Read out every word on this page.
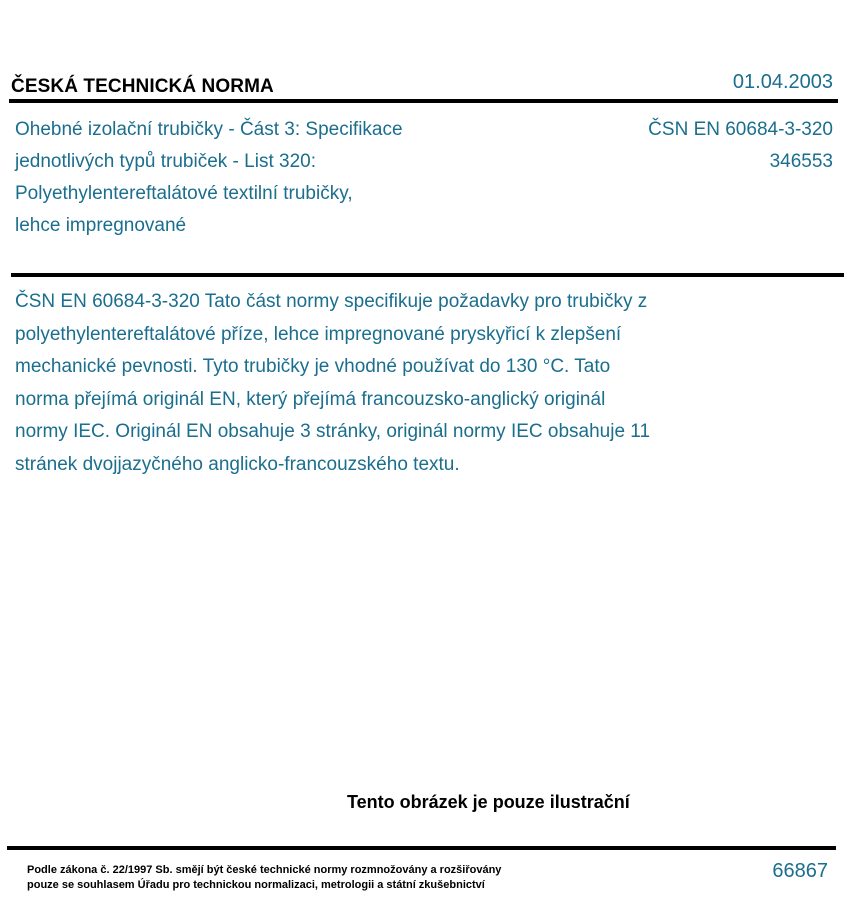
ČESKÁ TECHNICKÁ NORMA	01.04.2003
Ohebné izolační trubičky - Část 3: Specifikace
jednotlivých typů trubiček - List 320:
Polyethylentereftalátové textilní trubičky,
lehce impregnované
ČSN EN 60684-3-320
346553
ČSN EN 60684-3-320 Tato část normy specifikuje požadavky pro trubičky z
polyethylentereftalátové příze, lehce impregnované pryskyřicí k zlepšení
mechanické pevnosti. Tyto trubičky je vhodné používat do 130 °C. Tato
norma přejímá originál EN, který přejímá francouzsko-anglický originál
normy IEC. Originál EN obsahuje 3 stránky, originál normy IEC obsahuje 11
stránek dvojjazyčného anglicko-francouzského textu.
Tento obrázek je pouze ilustrační
Podle zákona č. 22/1997 Sb. smějí být české technické normy rozmnožovány a rozšiřovány
pouze se souhlasem Úřadu pro technickou normalizaci, metrologii a státní zkušebnictví
66867
